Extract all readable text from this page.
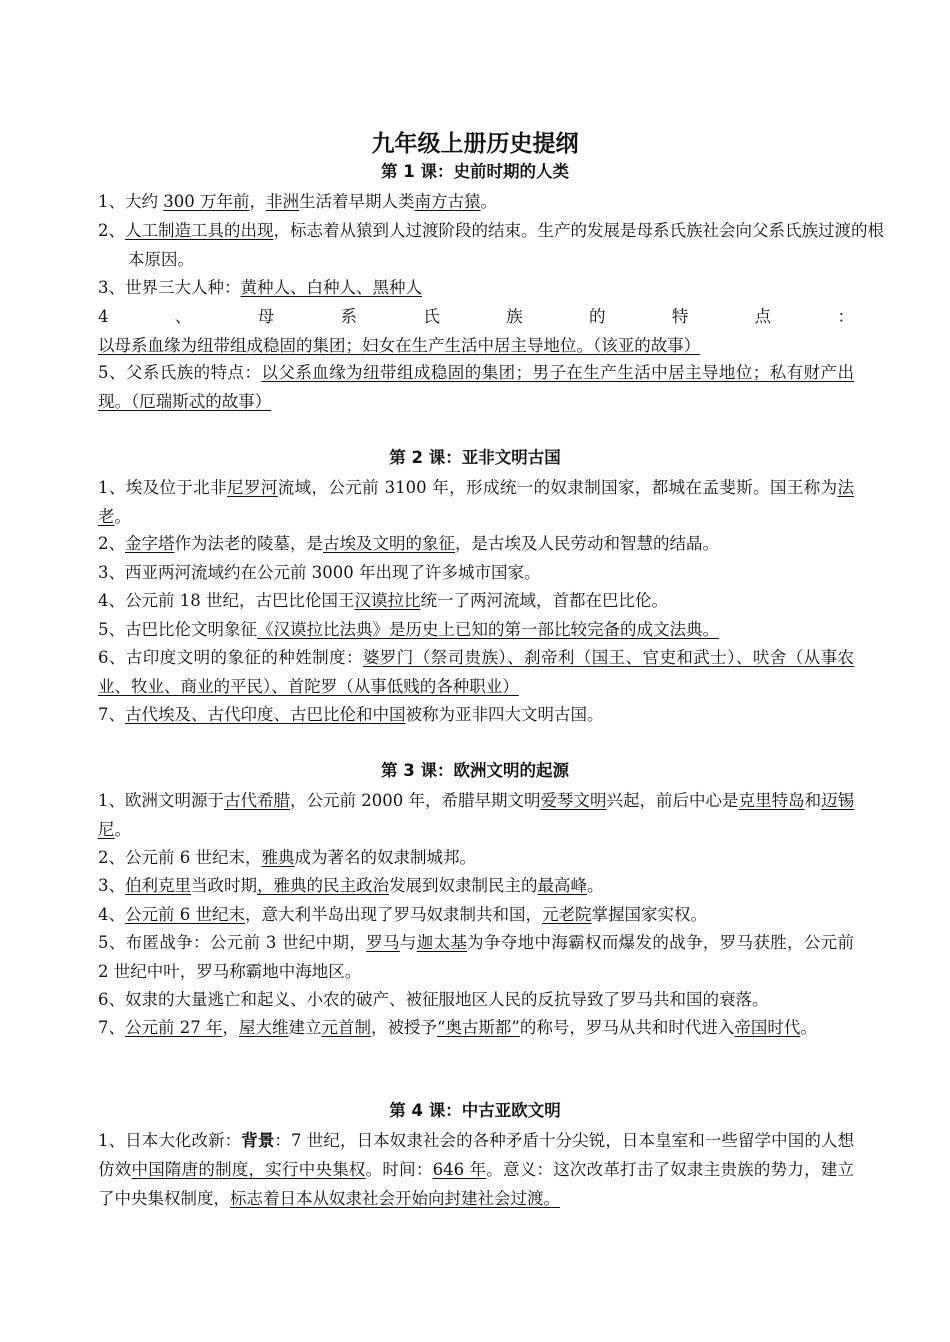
九年级上册历史提纲
第 1 课：史前时期的人类
1、大约 300 万年前，非洲生活着早期人类南方古猿。
2、人工制造工具的出现，标志着从猿到人过渡阶段的结束。生产的发展是母系氏族社会向父系氏族过渡的根本原因。
3、世界三大人种：黄种人、白种人、黑种人
4、母系氏族的特点：以母系血缘为纽带组成稳固的集团；妇女在生产生活中居主导地位。（该亚的故事）
5、父系氏族的特点：以父系血缘为纽带组成稳固的集团；男子在生产生活中居主导地位；私有财产出现。（厄瑞斯忒的故事）
第 2 课：亚非文明古国
1、埃及位于北非尼罗河流域，公元前 3100 年，形成统一的奴隶制国家，都城在孟斐斯。国王称为法老。
2、金字塔作为法老的陵墓，是古埃及文明的象征，是古埃及人民劳动和智慧的结晶。
3、西亚两河流域约在公元前 3000 年出现了许多城市国家。
4、公元前 18 世纪，古巴比伦国王汉谟拉比统一了两河流域，首都在巴比伦。
5、古巴比伦文明象征《汉谟拉比法典》是历史上已知的第一部比较完备的成文法典。
6、古印度文明的象征的种姓制度：婆罗门（祭司贵族）、刹帝利（国王、官吏和武士）、吠舍（从事农业、牧业、商业的平民）、首陀罗（从事低贱的各种职业）
7、古代埃及、古代印度、古巴比伦和中国被称为亚非四大文明古国。
第 3 课：欧洲文明的起源
1、欧洲文明源于古代希腊，公元前 2000 年，希腊早期文明爱琴文明兴起，前后中心是克里特岛和迈锡尼。
2、公元前 6 世纪末，雅典成为著名的奴隶制城邦。
3、伯利克里当政时期，雅典的民主政治发展到奴隶制民主的最高峰。
4、公元前 6 世纪末，意大利半岛出现了罗马奴隶制共和国，元老院掌握国家实权。
5、布匿战争：公元前 3 世纪中期，罗马与迦太基为争夺地中海霸权而爆发的战争，罗马获胜，公元前 2 世纪中叶，罗马称霸地中海地区。
6、奴隶的大量逃亡和起义、小农的破产、被征服地区人民的反抗导致了罗马共和国的衰落。
7、公元前 27 年，屋大维建立元首制，被授予“奥古斯都”的称号，罗马从共和时代进入帝国时代。
第 4 课：中古亚欧文明
1、日本大化改新：背景：7 世纪，日本奴隶社会的各种矛盾十分尖锐，日本皇室和一些留学中国的人想仿效中国隋唐的制度，实行中央集权。时间：646 年。意义：这次改革打击了奴隶主贵族的势力，建立了中央集权制度，标志着日本从奴隶社会开始向封建社会过渡。
